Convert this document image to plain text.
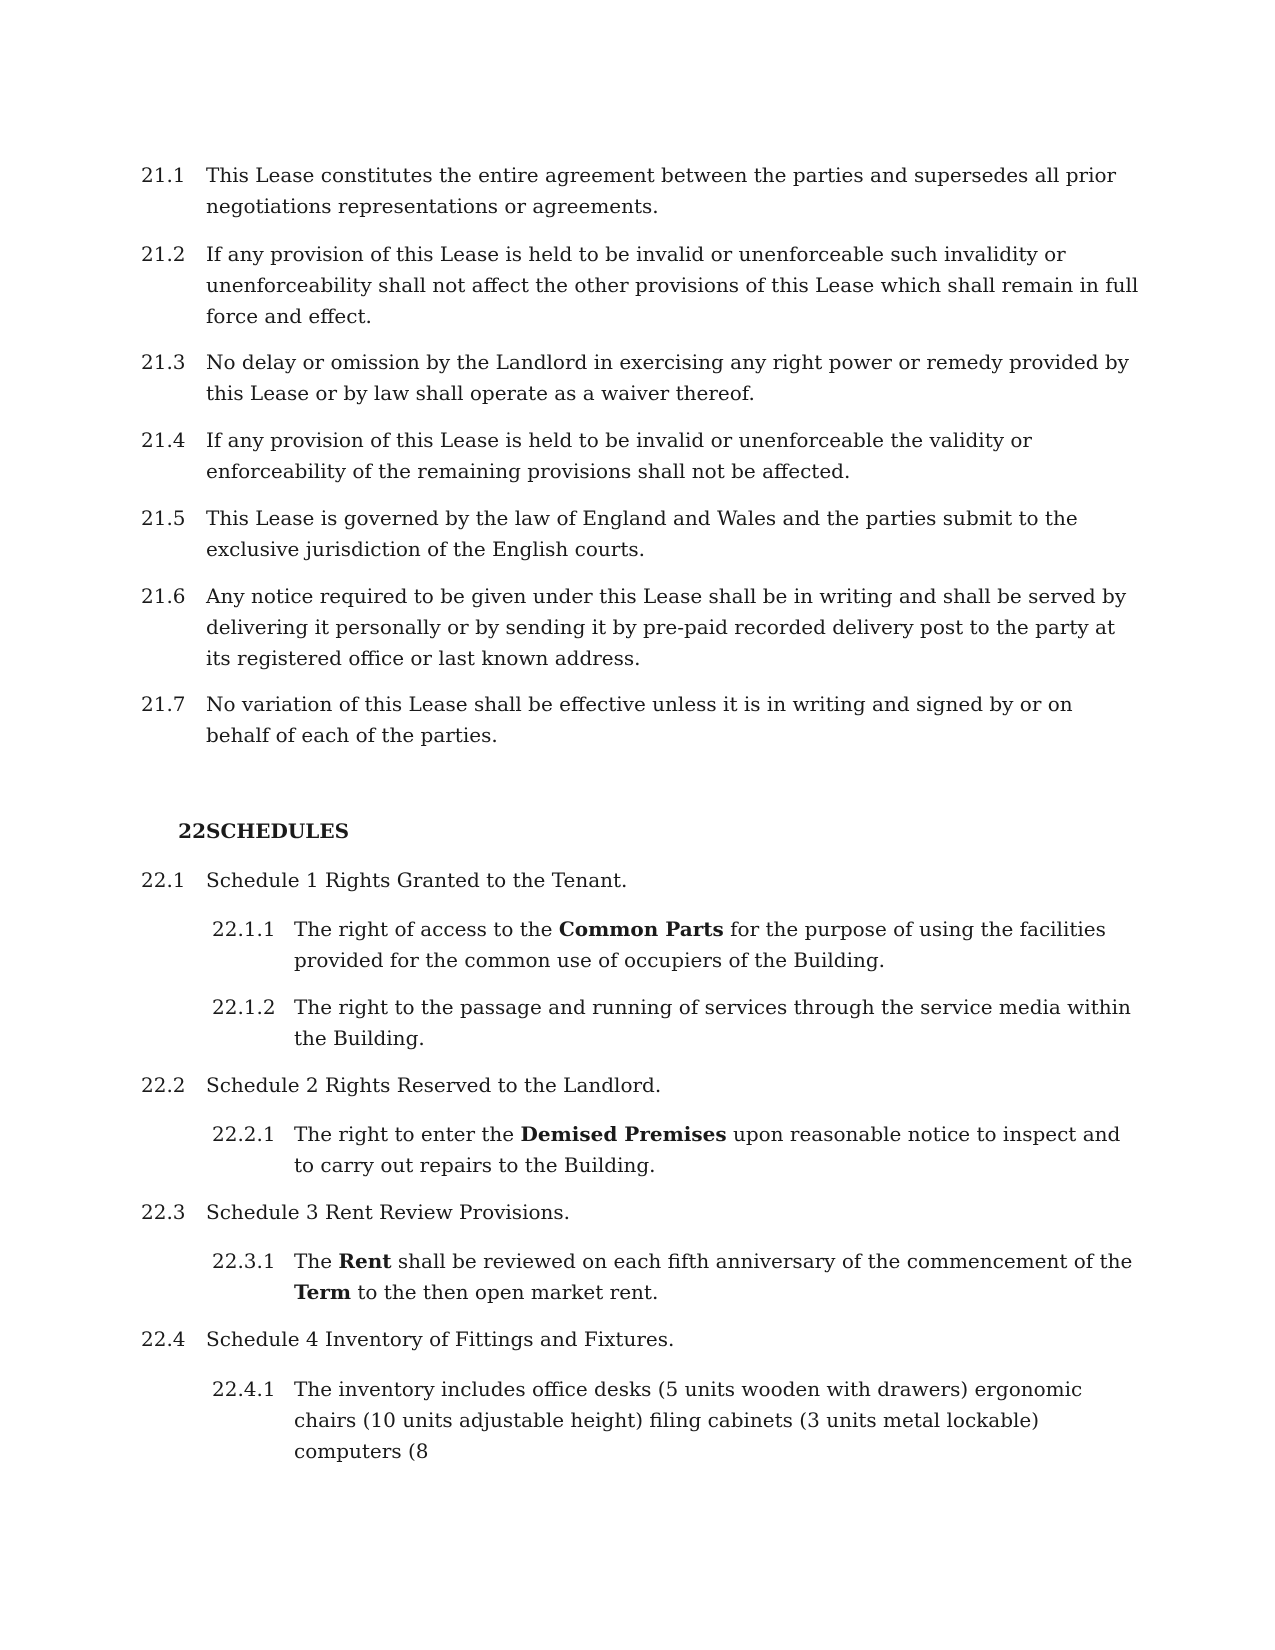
21.1	This Lease constitutes the entire agreement between the parties and supersedes all prior negotiations representations or agreements.
21.2	If any provision of this Lease is held to be invalid or unenforceable such invalidity or unenforceability shall not affect the other provisions of this Lease which shall remain in full force and effect.
21.3	No delay or omission by the Landlord in exercising any right power or remedy provided by this Lease or by law shall operate as a waiver thereof.
21.4	If any provision of this Lease is held to be invalid or unenforceable the validity or enforceability of the remaining provisions shall not be affected.
21.5	This Lease is governed by the law of England and Wales and the parties submit to the exclusive jurisdiction of the English courts.
21.6	Any notice required to be given under this Lease shall be in writing and shall be served by delivering it personally or by sending it by pre-paid recorded delivery post to the party at its registered office or last known address.
21.7	No variation of this Lease shall be effective unless it is in writing and signed by or on behalf of each of the parties.
22 SCHEDULES
22.1	Schedule 1 Rights Granted to the Tenant.
22.1.1 The right of access to the Common Parts for the purpose of using the facilities provided for the common use of occupiers of the Building.
22.1.2 The right to the passage and running of services through the service media within the Building.
22.2	Schedule 2 Rights Reserved to the Landlord.
22.2.1 The right to enter the Demised Premises upon reasonable notice to inspect and to carry out repairs to the Building.
22.3	Schedule 3 Rent Review Provisions.
22.3.1 The Rent shall be reviewed on each fifth anniversary of the commencement of the Term to the then open market rent.
22.4	Schedule 4 Inventory of Fittings and Fixtures.
22.4.1 The inventory includes office desks (5 units wooden with drawers) ergonomic chairs (10 units adjustable height) filing cabinets (3 units metal lockable) computers (8
